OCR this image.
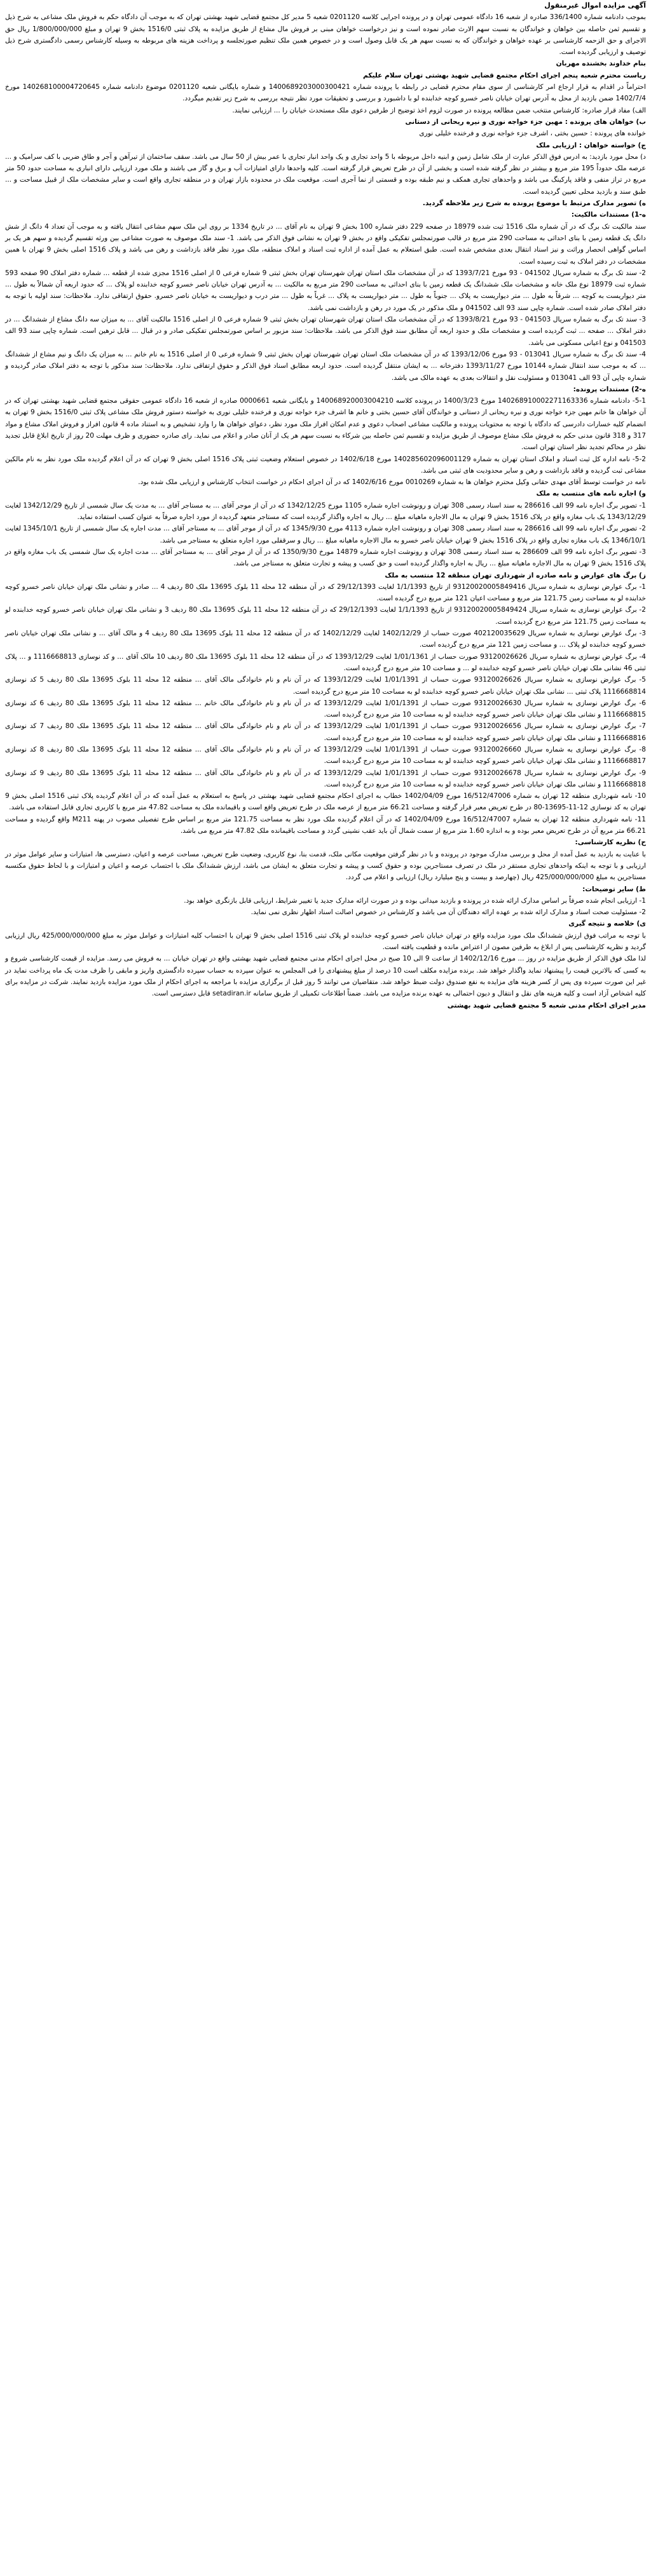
آگهی مزایده اموال غیرمنقول

بموجب دادنامه شماره 336/1400 صادره از شعبه 16 دادگاه عمومی تهران و در پرونده اجرایی کلاسه 0201120 شعبه 5 مدیر کل مجتمع قضایی شهید بهشتی تهران که به موجب آن دادگاه حکم به فروش ملک مشاعی به شرح ذیل و تقسیم ثمن حاصله بین خواهان و خواندگان به نسبت سهم الارث صادر نموده است و نیز درخواست خواهان مبنی بر فروش مال مشاع از طریق مزایده به پلاک ثبتی 1516/0 بخش 9 تهران و مبلغ 1/800/000/000 ریال حق الاجرای و حق الزحمه کارشناسی بر عهده خواهان و خواندگان که به نسبت سهم هر یک قابل وصول است و در خصوص همین ملک تنظیم صورتجلسه و پرداخت هزینه های مربوطه به وسیله کارشناس رسمی دادگستری شرح ذیل توصیف و ارزیابی گردیده است.

بنام خداوند بخشنده مهربان

ریاست محترم شعبه پنجم اجرای احکام مجتمع قضایی شهید بهشتی تهران سلام علیکم

احتراماً در اقدام به قرار ارجاع امر کارشناسی از سوی مقام محترم قضایی در رابطه با پرونده شماره 1400689203000300421 و شماره بایگانی شعبه 0201120 موضوع دادنامه شماره 140268100004720645 مورخ 1402/7/4 ضمن بازدید از محل به آدرس تهران خیابان ناصر خسرو کوچه خدابنده لو با داشبورد و بررسی و تحقیقات مورد نظر نتیجه بررسی به شرح زیر تقدیم میگردد.

الف) مفاد قرار صادره: کارشناس منتخب ضمن مطالعه پرونده در صورت لزوم اخذ توضیح از طرفین دعوی ملک مستحدث خیابان را ... ارزیابی نمایند.

ب) خواهان های پرونده : مهین جزء خواجه نوری و نیره ریحانی از دستانی

خوانده های پرونده : حسین بختی ، اشرف جزء خواجه نوری و فرخنده خلیلی نوری

ج) خواسته خواهان : ارزیابی ملک

د) محل مورد بازدید: به ادرس فوق الذکر عبارت از ملک شامل زمین و ابنیه داخل مربوطه با 5 واحد تجاری و یک واحد انبار تجاری با عمر بیش از 50 سال می باشد. سقف ساختمان از تیرآهن و آجر و طاق ضربی با کف سرامیک و ... عرصه ملک حدوداً 195 متر مربع و بیشتر در نظر گرفته شده است و بخشی از آن در طرح تعریض قرار گرفته است. کلیه واحدها دارای امتیازات آب و برق و گاز می باشند و ملک مورد ارزیابی دارای انباری به مساحت حدود 50 متر مربع در تراز منفی و فاقد پارکینگ می باشد و واحدهای تجاری همکف و نیم طبقه بوده و قسمتی از نما آجری است. موقعیت ملک در محدوده بازار تهران و در منطقه تجاری واقع است و سایر مشخصات ملک از قبیل مساحت و ... طبق سند و بازدید محلی تعیین گردیده است.

ه) تصویر مدارک مرتبط با موضوع پرونده به شرح زیر ملاحظه گردید.

ه-1) مستندات مالکیت:

سند مالکیت تک برگ که در آن شماره ملک 1516 ثبت شده 18979 در صفحه 229 دفتر شماره 100 بخش 9 تهران به نام آقای ... در تاریخ 1334 بر روی این ملک سهم مشاعی انتقال یافته و به موجب آن تعداد 4 دانگ از شش دانگ یک قطعه زمین با بنای احداثی به مساحت 290 متر مربع در قالب صورتمجلس تفکیکی واقع در بخش 9 تهران به نشانی فوق الذکر می باشد. 1- سند ملک موصوف به صورت مشاعی بین ورثه تقسیم گردیده و سهم هر یک بر اساس گواهی انحصار وراثت و نیز اسناد انتقال بعدی مشخص شده است. طبق استعلام به عمل آمده از اداره ثبت اسناد و املاک منطقه، ملک مورد نظر فاقد بازداشت و رهن می باشد و پلاک 1516 اصلی بخش 9 تهران با همین مشخصات در دفتر املاک به ثبت رسیده است.

2- سند تک برگ به شماره سریال 041502 - 93 مورخ 1393/7/21 که در آن مشخصات ملک استان تهران شهرستان تهران بخش ثبتی 9 شماره فرعی 0 از اصلی 1516 مجزی شده از قطعه ... شماره دفتر املاک 90 صفحه 593 شماره ثبت 18979 نوع ملک خانه و مشخصات ملک ششدانگ یک قطعه زمین با بنای احداثی به مساحت 290 متر مربع به مالکیت ... به آدرس تهران خیابان ناصر خسرو کوچه خدابنده لو پلاک ... که حدود اربعه آن شمالاً به طول ... متر دیواریست به کوچه ... شرقاً به طول ... متر دیواریست به پلاک ... جنوباً به طول ... متر دیواریست به پلاک ... غرباً به طول ... متر درب و دیواریست به خیابان ناصر خسرو. حقوق ارتفاقی ندارد. ملاحظات: سند اولیه با توجه به دفتر املاک صادر شده است. شماره چاپی سند 93 الف 041502 و ملک مذکور در یک مورد در رهن و بازداشت نمی باشد.

3- سند تک برگ به شماره سریال 041503 - 93 مورخ 1393/8/21 که در آن مشخصات ملک استان تهران شهرستان تهران بخش ثبتی 9 شماره فرعی 0 از اصلی 1516 مالکیت آقای ... به میزان سه دانگ مشاع از ششدانگ ... در دفتر املاک ... صفحه ... ثبت گردیده است و مشخصات ملک و حدود اربعه آن مطابق سند فوق الذکر می باشد. ملاحظات: سند مزبور بر اساس صورتمجلس تفکیکی صادر و در قبال ... قابل ترهین است. شماره چاپی سند 93 الف 041503 و نوع اعیانی مسکونی می باشد.

4- سند تک برگ به شماره سریال 013041 - 93 مورخ 1393/12/06 که در آن مشخصات ملک استان تهران شهرستان تهران بخش ثبتی 9 شماره فرعی 0 از اصلی 1516 به نام خانم ... به میزان یک دانگ و نیم مشاع از ششدانگ ... که به موجب سند انتقال شماره 10144 مورخ 1393/11/27 دفترخانه ... به ایشان منتقل گردیده است. حدود اربعه مطابق اسناد فوق الذکر و حقوق ارتفاقی ندارد. ملاحظات: سند مذکور با توجه به دفتر املاک صادر گردیده و شماره چاپی آن 93 الف 013041 و مسئولیت نقل و انتقالات بعدی به عهده مالک می باشد.

ه-2) مستندات پرونده:

5-1- دادنامه شماره 140268910002271163336 مورخ 1400/3/23 در پرونده کلاسه 140068920003004210 و بایگانی شعبه 0000661 صادره از شعبه 16 دادگاه عمومی حقوقی مجتمع قضایی شهید بهشتی تهران که در آن خواهان ها خانم مهین جزء خواجه نوری و نیره ریحانی از دستانی و خواندگان آقای حسین بختی و خانم ها اشرف جزء خواجه نوری و فرخنده خلیلی نوری به خواسته دستور فروش ملک مشاعی پلاک ثبتی 1516/0 بخش 9 تهران به انضمام کلیه خسارات دادرسی که دادگاه با توجه به محتویات پرونده و مالکیت مشاعی اصحاب دعوی و عدم امکان افراز ملک مورد نظر، دعوای خواهان ها را وارد تشخیص و به استناد ماده 4 قانون افراز و فروش املاک مشاع و مواد 317 و 318 قانون مدنی حکم به فروش ملک مشاع موصوف از طریق مزایده و تقسیم ثمن حاصله بین شرکاء به نسبت سهم هر یک از آنان صادر و اعلام می نماید. رای صادره حضوری و ظرف مهلت 20 روز از تاریخ ابلاغ قابل تجدید نظر در محاکم تجدید نظر استان تهران است.

5-2- نامه اداره کل ثبت اسناد و املاک استان تهران به شماره 140285602096001129 مورخ 1402/6/18 در خصوص استعلام وضعیت ثبتی پلاک 1516 اصلی بخش 9 تهران که در آن اعلام گردیده ملک مورد نظر به نام مالکین مشاعی ثبت گردیده و فاقد بازداشت و رهن و سایر محدودیت های ثبتی می باشد.

نامه در خواست توسط آقای مهدی حقانی وکیل محترم خواهان ها به شماره 0010269 مورخ 1402/6/16 که در آن اجرای احکام در خواست انتخاب کارشناس و ارزیابی ملک شده بود.

و) اجاره نامه های منتسب به ملک

1- تصویر برگ اجاره نامه 99 الف 286616 به سند اسناد رسمی 308 تهران و رونوشت اجاره شماره 1105 مورخ 1342/12/25 که در آن از موجر آقای ... به مستاجر آقای ... به مدت یک سال شمسی از تاریخ 1342/12/29 لغایت 1343/12/29 یک باب مغازه واقع در پلاک 1516 بخش 9 تهران به مال الاجاره ماهیانه مبلغ ... ریال به اجاره واگذار گردیده است که مستاجر متعهد گردیده از مورد اجاره صرفاً به عنوان کسب استفاده نماید.

2- تصویر برگ اجاره نامه 99 الف 286616 به سند اسناد رسمی 308 تهران و رونوشت اجاره شماره 4113 مورخ 1345/9/30 که در آن از موجر آقای ... به مستاجر آقای ... مدت اجاره یک سال شمسی از تاریخ 1345/10/1 لغایت 1346/10/1 یک باب مغازه تجاری واقع در پلاک 1516 بخش 9 تهران خیابان ناصر خسرو به مال الاجاره ماهیانه مبلغ ... ریال و سرقفلی مورد اجاره متعلق به مستاجر می باشد.

3- تصویر برگ اجاره نامه 99 الف 286609 به سند اسناد رسمی 308 تهران و رونوشت اجاره شماره 14879 مورخ 1350/9/30 که در آن از موجر آقای ... به مستاجر آقای ... مدت اجاره یک سال شمسی یک باب مغازه واقع در پلاک 1516 بخش 9 تهران به مال الاجاره ماهیانه مبلغ ... ریال به اجاره واگذار گردیده است و حق کسب و پیشه و تجارت متعلق به مستاجر می باشد.

ز) برگ های عوارض و نامه صادره از شهرداری تهران منطقه 12 منتسب به ملک

1- برگ عوارض نوسازی به شماره سریال 93120020005849416 از تاریخ 1/1/1393 لغایت 29/12/1393 که در آن منطقه 12 محله 11 بلوک 13695 ملک 80 ردیف 4 ... صادر و نشانی ملک تهران خیابان ناصر خسرو کوچه خدابنده لو به مساحت زمین 121.75 متر مربع و مساحت اعیان 121 متر مربع درج گردیده است.

2- برگ عوارض نوسازی به شماره سریال 93120020005849424 از تاریخ 1/1/1393 لغایت 29/12/1393 که در آن منطقه 12 محله 11 بلوک 13695 ملک 80 ردیف 3 و نشانی ملک تهران خیابان ناصر خسرو کوچه خدابنده لو به مساحت زمین 121.75 متر مربع درج گردیده است.

3- برگ عوارض نوسازی به شماره سریال 402120035629 صورت حساب از 1402/12/29 لغایت 1402/12/29 که در آن منطقه 12 محله 11 بلوک 13695 ملک 80 ردیف 4 و مالک آقای ... و نشانی ملک تهران خیابان ناصر خسرو کوچه خدابنده لو پلاک ... و مساحت زمین 121 متر مربع درج گردیده است.

4- برگ عوارض نوسازی به شماره سریال 93120026626 صورت حساب از 1/01/1361 لغایت 1393/12/29 که در آن منطقه 12 محله 11 بلوک 13695 ملک 80 ردیف 10 مالک آقای ... و کد نوسازی 1116668813 و ... پلاک ثبتی 46 نشانی ملک تهران خیابان ناصر خسرو کوچه خدابنده لو ... و مساحت 10 متر مربع درج گردیده است.

5- برگ عوارض نوسازی به شماره سریال 93120026626 صورت حساب از 1/01/1391 لغایت 1393/12/29 که در آن نام و نام خانوادگی مالک آقای ... منطقه 12 محله 11 بلوک 13695 ملک 80 ردیف 5 کد نوسازی 1116668814 پلاک ثبتی ... نشانی ملک تهران خیابان ناصر خسرو کوچه خدابنده لو به مساحت 10 متر مربع درج گردیده است.

6- برگ عوارض نوسازی به شماره سریال 93120026630 صورت حساب از 1/01/1391 لغایت 1393/12/29 که در آن نام و نام خانوادگی مالک خانم ... منطقه 12 محله 11 بلوک 13695 ملک 80 ردیف 6 کد نوسازی 1116668815 و نشانی ملک تهران خیابان ناصر خسرو کوچه خدابنده لو به مساحت 10 متر مربع درج گردیده است.

7- برگ عوارض نوسازی به شماره سریال 93120026656 صورت حساب از 1/01/1391 لغایت 1393/12/29 که در آن نام و نام خانوادگی مالک آقای ... منطقه 12 محله 11 بلوک 13695 ملک 80 ردیف 7 کد نوسازی 1116668816 و نشانی ملک تهران خیابان ناصر خسرو کوچه خدابنده لو به مساحت 10 متر مربع درج گردیده است.

8- برگ عوارض نوسازی به شماره سریال 93120026660 صورت حساب از 1/01/1391 لغایت 1393/12/29 که در آن نام و نام خانوادگی مالک آقای ... منطقه 12 محله 11 بلوک 13695 ملک 80 ردیف 8 کد نوسازی 1116668817 و نشانی ملک تهران خیابان ناصر خسرو کوچه خدابنده لو به مساحت 10 متر مربع درج گردیده است.

9- برگ عوارض نوسازی به شماره سریال 93120026678 صورت حساب از 1/01/1391 لغایت 1393/12/29 که در آن نام و نام خانوادگی مالک آقای ... منطقه 12 محله 11 بلوک 13695 ملک 80 ردیف 9 کد نوسازی 1116668818 و نشانی ملک تهران خیابان ناصر خسرو کوچه خدابنده لو به مساحت 10 متر مربع درج گردیده است.

10- نامه شهرداری منطقه 12 تهران به شماره 16/512/47006 مورخ 1402/04/09 خطاب به اجرای احکام مجتمع قضایی شهید بهشتی در پاسخ به استعلام به عمل آمده که در آن اعلام گردیده پلاک ثبتی 1516 اصلی بخش 9 تهران به کد نوسازی 12-11-13695-80 در طرح تعریض معبر قرار گرفته و مساحت 66.21 متر مربع از عرصه ملک در طرح تعریض واقع است و باقیمانده ملک به مساحت 47.82 متر مربع با کاربری تجاری قابل استفاده می باشد.

11- نامه شهرداری منطقه 12 تهران به شماره 16/512/47007 مورخ 1402/04/09 که در آن اعلام گردیده ملک مورد نظر به مساحت 121.75 متر مربع بر اساس طرح تفصیلی مصوب در پهنه M211 واقع گردیده و مساحت 66.21 متر مربع آن در طرح تعریض معبر بوده و به اندازه 1.60 متر مربع از سمت شمال آن باید عقب نشینی گردد و مساحت باقیمانده ملک 47.82 متر مربع می باشد.

ح) نظریه کارشناسی:

با عنایت به بازدید به عمل آمده از محل و بررسی مدارک موجود در پرونده و با در نظر گرفتن موقعیت مکانی ملک، قدمت بنا، نوع کاربری، وضعیت طرح تعریض، مساحت عرصه و اعیان، دسترسی ها، امتیازات و سایر عوامل موثر در ارزیابی و با توجه به اینکه واحدهای تجاری مستقر در ملک در تصرف مستاجرین بوده و حقوق کسب و پیشه و تجارت متعلق به ایشان می باشد، ارزش ششدانگ ملک با احتساب عرصه و اعیان و امتیازات و با لحاظ حقوق مکتسبه مستاجرین به مبلغ 425/000/000/000 ریال (چهارصد و بیست و پنج میلیارد ریال) ارزیابی و اعلام می گردد.

ط) سایر توضیحات:

1- ارزیابی انجام شده صرفاً بر اساس مدارک ارائه شده در پرونده و بازدید میدانی بوده و در صورت ارائه مدارک جدید یا تغییر شرایط، ارزیابی قابل بازنگری خواهد بود.

2- مسئولیت صحت اسناد و مدارک ارائه شده بر عهده ارائه دهندگان آن می باشد و کارشناس در خصوص اصالت اسناد اظهار نظری نمی نماید.

ی) خلاصه و نتیجه گیری

با توجه به مراتب فوق ارزش ششدانگ ملک مورد مزایده واقع در تهران خیابان ناصر خسرو کوچه خدابنده لو پلاک ثبتی 1516 اصلی بخش 9 تهران با احتساب کلیه امتیازات و عوامل موثر به مبلغ 425/000/000/000 ریال ارزیابی گردید و نظریه کارشناسی پس از ابلاغ به طرفین مصون از اعتراض مانده و قطعیت یافته است.

لذا ملک فوق الذکر از طریق مزایده در روز ... مورخ 1402/12/16 از ساعت 9 الی 10 صبح در محل اجرای احکام مدنی مجتمع قضایی شهید بهشتی واقع در تهران خیابان ... به فروش می رسد. مزایده از قیمت کارشناسی شروع و به کسی که بالاترین قیمت را پیشنهاد نماید واگذار خواهد شد. برنده مزایده مکلف است 10 درصد از مبلغ پیشنهادی را فی المجلس به عنوان سپرده به حساب سپرده دادگستری واریز و مابقی را ظرف مدت یک ماه پرداخت نماید در غیر این صورت سپرده وی پس از کسر هزینه های مزایده به نفع صندوق دولت ضبط خواهد شد. متقاضیان می توانند 5 روز قبل از برگزاری مزایده با مراجعه به اجرای احکام از ملک مورد مزایده بازدید نمایند. شرکت در مزایده برای کلیه اشخاص آزاد است و کلیه هزینه های نقل و انتقال و دیون احتمالی به عهده برنده مزایده می باشد. ضمناً اطلاعات تکمیلی از طریق سامانه setadiran.ir قابل دسترسی است.

مدیر اجرای احکام مدنی شعبه 5 مجتمع قضایی شهید بهشتی
